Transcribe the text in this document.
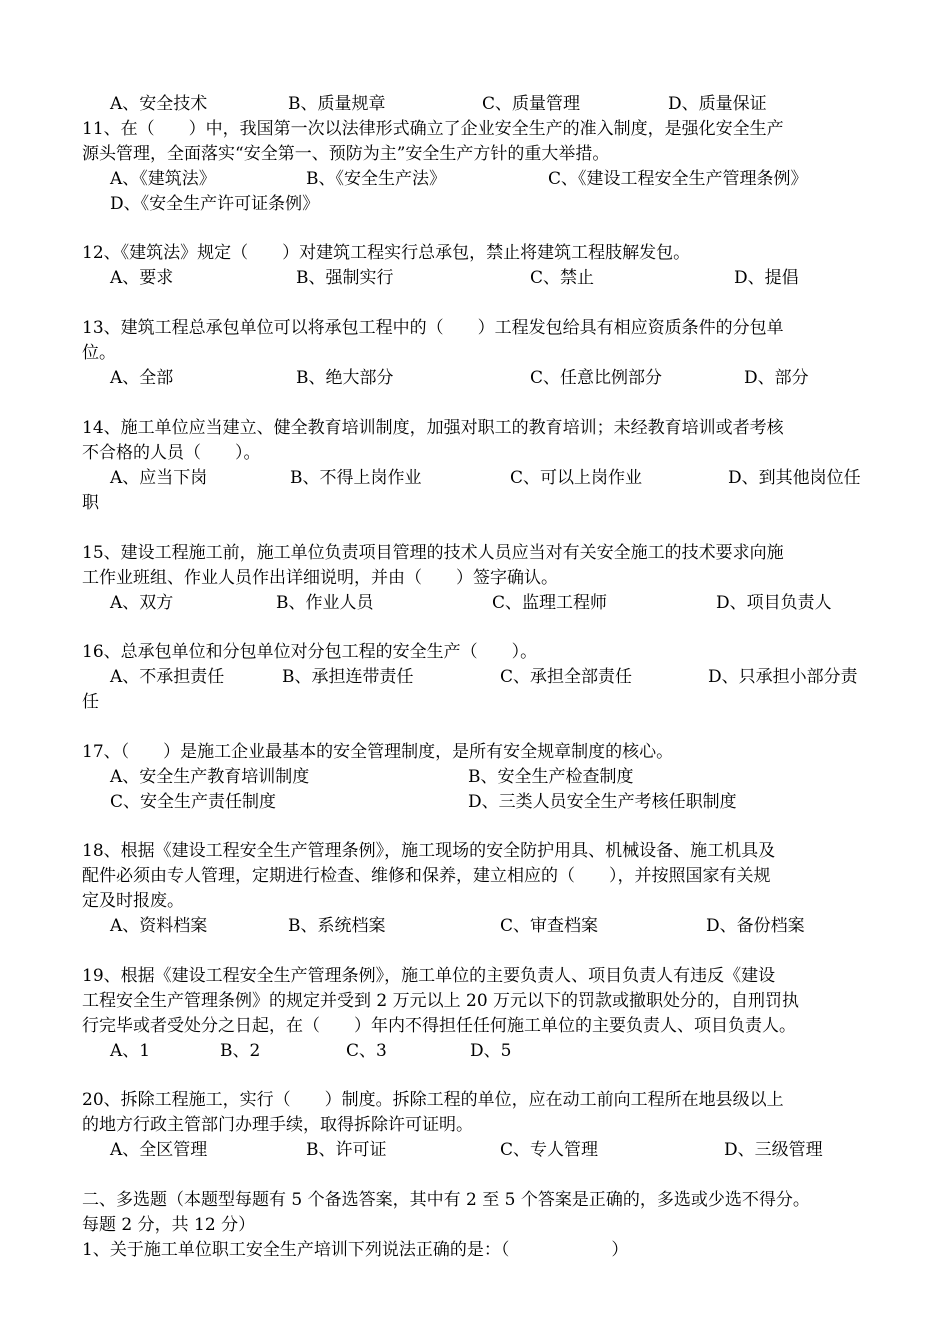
A、安全技术	B、质量规章	C、质量管理	D、质量保证
11、在（　　）中，我国第一次以法律形式确立了企业安全生产的准入制度，是强化安全生产
源头管理，全面落实“安全第一、预防为主”安全生产方针的重大举措。
A、《建筑法》	B、《安全生产法》	C、《建设工程安全生产管理条例》
D、《安全生产许可证条例》
12、《建筑法》规定（　　）对建筑工程实行总承包，禁止将建筑工程肢解发包。
A、要求	B、强制实行	C、禁止	D、提倡
13、建筑工程总承包单位可以将承包工程中的（　　）工程发包给具有相应资质条件的分包单
位。
A、全部	B、绝大部分	C、任意比例部分	D、部分
14、施工单位应当建立、健全教育培训制度，加强对职工的教育培训；未经教育培训或者考核
不合格的人员（　　）。
A、应当下岗	B、不得上岗作业	C、可以上岗作业	D、到其他岗位任
职
15、建设工程施工前，施工单位负责项目管理的技术人员应当对有关安全施工的技术要求向施
工作业班组、作业人员作出详细说明，并由（　　）签字确认。
A、双方	B、作业人员	C、监理工程师	D、项目负责人
16、总承包单位和分包单位对分包工程的安全生产（　　）。
A、不承担责任	B、承担连带责任	C、承担全部责任	D、只承担小部分责
任
17、（　　）是施工企业最基本的安全管理制度，是所有安全规章制度的核心。
A、安全生产教育培训制度	B、安全生产检查制度
C、安全生产责任制度	D、三类人员安全生产考核任职制度
18、根据《建设工程安全生产管理条例》，施工现场的安全防护用具、机械设备、施工机具及
配件必须由专人管理，定期进行检查、维修和保养，建立相应的（　　），并按照国家有关规
定及时报废。
A、资料档案	B、系统档案	C、审查档案	D、备份档案
19、根据《建设工程安全生产管理条例》，施工单位的主要负责人、项目负责人有违反《建设
工程安全生产管理条例》的规定并受到 2 万元以上 20 万元以下的罚款或撤职处分的，自刑罚执
行完毕或者受处分之日起，在（　　）年内不得担任任何施工单位的主要负责人、项目负责人。
A、1	B、2	C、3	D、5
20、拆除工程施工，实行（　　）制度。拆除工程的单位，应在动工前向工程所在地县级以上
的地方行政主管部门办理手续，取得拆除许可证明。
A、全区管理	B、许可证	C、专人管理	D、三级管理
二、多选题（本题型每题有 5 个备选答案，其中有 2 至 5 个答案是正确的，多选或少选不得分。
每题 2 分，共 12 分）
1、关于施工单位职工安全生产培训下列说法正确的是：（　　　　　　）
